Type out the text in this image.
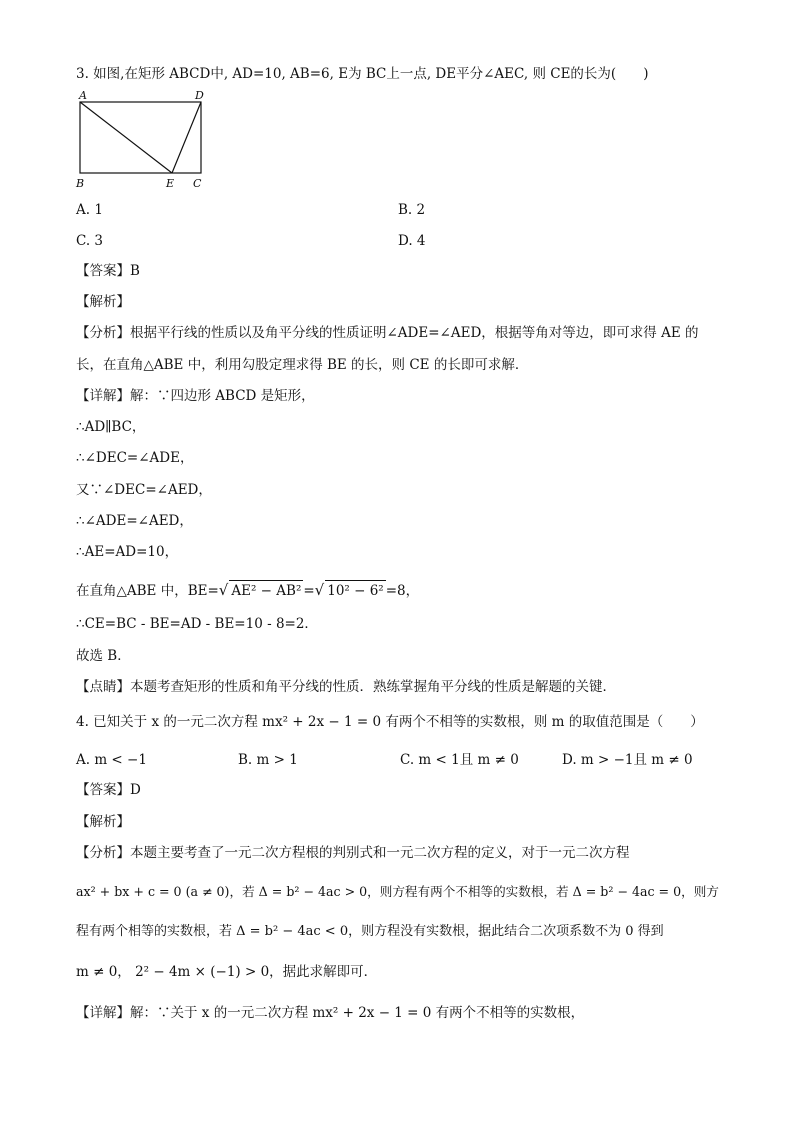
3. 如图,在矩形 ABCD中, AD=10, AB=6, E为 BC上一点, DE平分∠AEC, 则 CE的长为(　　)
A	D
B	E C
A. 1	B. 2
C. 3	D. 4
【答案】B
【解析】
【分析】根据平行线的性质以及角平分线的性质证明∠ADE=∠AED，根据等角对等边，即可求得 AE 的
长，在直角△ABE 中，利用勾股定理求得 BE 的长，则 CE 的长即可求解．
【详解】解：∵四边形 ABCD 是矩形，
∴AD∥BC，
∴∠DEC=∠ADE，
又∵∠DEC=∠AED，
∴∠ADE=∠AED，
∴AE=AD=10，
在直角△ABE 中，BE=√ AE² − AB² =√ 10² − 6² =8，
∴CE=BC - BE=AD - BE=10 - 8=2．
故选 B．
【点睛】本题考查矩形的性质和角平分线的性质．熟练掌握角平分线的性质是解题的关键．
4. 已知关于 x 的一元二次方程 mx² + 2x − 1 = 0 有两个不相等的实数根，则 m 的取值范围是（　　）
A. m < −1	B. m > 1	C. m < 1且 m ≠ 0	D. m > −1且 m ≠ 0
【答案】D
【解析】
【分析】本题主要考查了一元二次方程根的判别式和一元二次方程的定义，对于一元二次方程
ax² + bx + c = 0 (a ≠ 0)，若 Δ = b² − 4ac > 0，则方程有两个不相等的实数根，若 Δ = b² − 4ac = 0，则方
程有两个相等的实数根，若 Δ = b² − 4ac < 0，则方程没有实数根，据此结合二次项系数不为 0 得到
m ≠ 0， 2² − 4m × (−1) > 0，据此求解即可．
【详解】解：∵关于 x 的一元二次方程 mx² + 2x − 1 = 0 有两个不相等的实数根，
